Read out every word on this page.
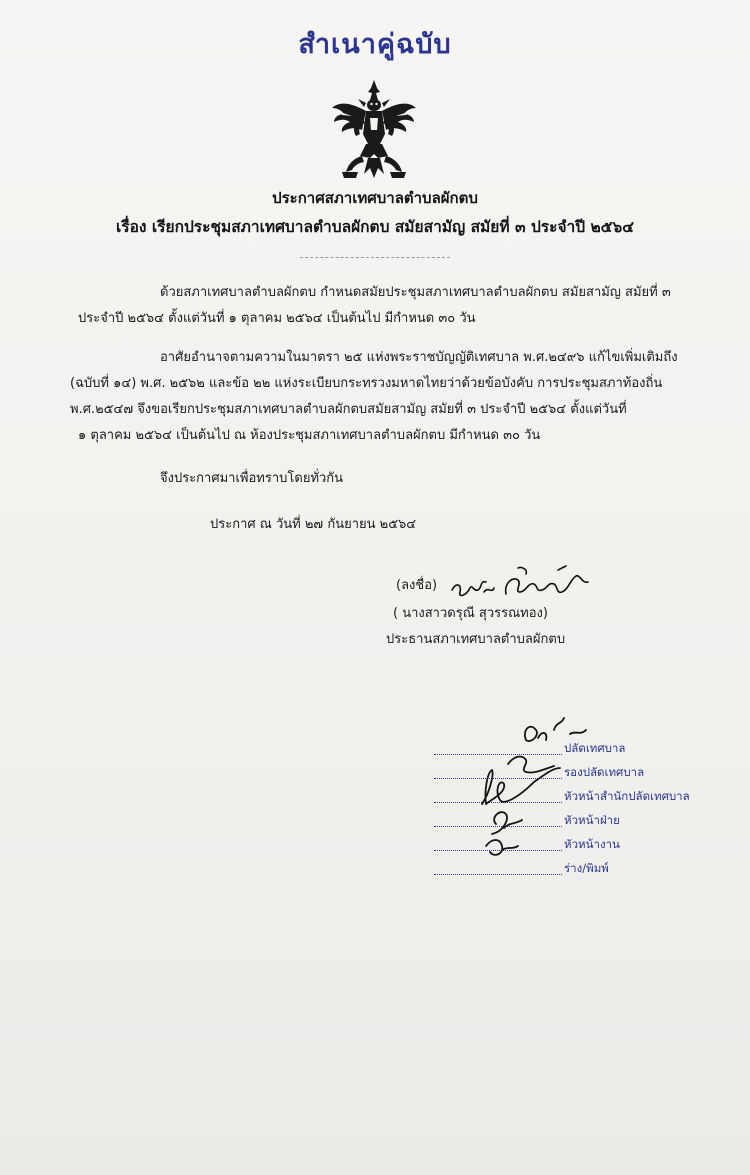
สำเนาคู่ฉบับ
ประกาศสภาเทศบาลตำบลผักตบ
เรื่อง เรียกประชุมสภาเทศบาลตำบลผักตบ สมัยสามัญ สมัยที่ ๓ ประจำปี ๒๕๖๔
ด้วยสภาเทศบาลตำบลผักตบ กำหนดสมัยประชุมสภาเทศบาลตำบลผักตบ สมัยสามัญ สมัยที่ ๓
ประจำปี ๒๕๖๔ ตั้งแต่วันที่ ๑ ตุลาคม ๒๕๖๔ เป็นต้นไป มีกำหนด ๓๐ วัน
อาศัยอำนาจตามความในมาตรา ๒๕ แห่งพระราชบัญญัติเทศบาล พ.ศ.๒๔๙๖ แก้ไขเพิ่มเติมถึง
(ฉบับที่ ๑๔) พ.ศ. ๒๕๖๒ และข้อ ๒๒ แห่งระเบียบกระทรวงมหาดไทยว่าด้วยข้อบังคับ การประชุมสภาท้องถิ่น
พ.ศ.๒๕๔๗ จึงขอเรียกประชุมสภาเทศบาลตำบลผักตบสมัยสามัญ สมัยที่ ๓ ประจำปี ๒๕๖๔ ตั้งแต่วันที่
๑ ตุลาคม ๒๕๖๔ เป็นต้นไป ณ ห้องประชุมสภาเทศบาลตำบลผักตบ มีกำหนด ๓๐ วัน
จึงประกาศมาเพื่อทราบโดยทั่วกัน
ประกาศ ณ วันที่ ๒๗ กันยายน ๒๕๖๔
(ลงชื่อ)
( นางสาวดรุณี สุวรรณทอง)
ประธานสภาเทศบาลตำบลผักตบ
ปลัดเทศบาล
รองปลัดเทศบาล
หัวหน้าสำนักปลัดเทศบาล
หัวหน้าฝ่าย
หัวหน้างาน
ร่าง/พิมพ์
